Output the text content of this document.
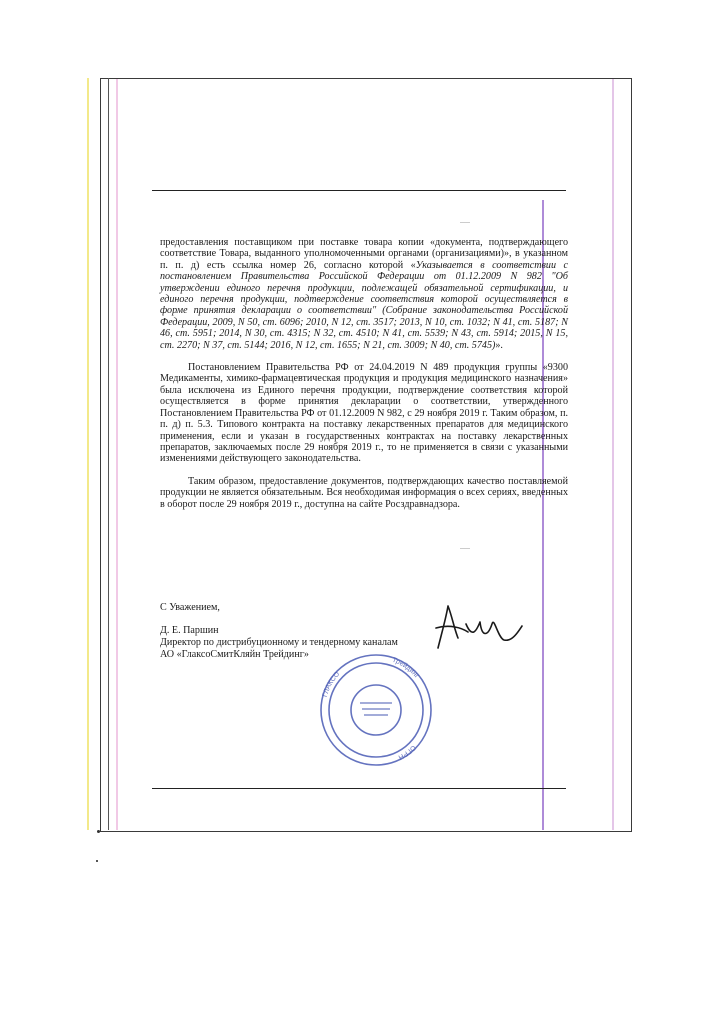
предоставления поставщиком при поставке товара копии «документа, подтверждающего соответствие Товара, выданного уполномоченными органами (организациями)», в указанном п. п. д) есть ссылка номер 26, согласно которой «Указывается в соответствии с постановлением Правительства Российской Федерации от 01.12.2009 N 982 "Об утверждении единого перечня продукции, подлежащей обязательной сертификации, и единого перечня продукции, подтверждение соответствия которой осуществляется в форме принятия декларации о соответствии" (Собрание законодательства Российской Федерации, 2009, N 50, ст. 6096; 2010, N 12, ст. 3517; 2013, N 10, ст. 1032; N 41, ст. 5187; N 46, ст. 5951; 2014, N 30, ст. 4315; N 32, ст. 4510; N 41, ст. 5539; N 43, ст. 5914; 2015, N 15, ст. 2270; N 37, ст. 5144; 2016, N 12, ст. 1655; N 21, ст. 3009; N 40, ст. 5745)».

Постановлением Правительства РФ от 24.04.2019 N 489 продукция группы «9300 Медикаменты, химико-фармацевтическая продукция и продукция медицинского назначения» была исключена из Единого перечня продукции, подтверждение соответствия которой осуществляется в форме принятия декларации о соответствии, утвержденного Постановлением Правительства РФ от 01.12.2009 N 982, с 29 ноября 2019 г. Таким образом, п. п. д) п. 5.3. Типового контракта на поставку лекарственных препаратов для медицинского применения, если и указан в государственных контрактах на поставку лекарственных препаратов, заключаемых после 29 ноября 2019 г., то не применяется в связи с указанными изменениями действующего законодательства.

Таким образом, предоставление документов, подтверждающих качество поставляемой продукции не является обязательным. Вся необходимая информация о всех сериях, введенных в оборот после 29 ноября 2019 г., доступна на сайте Росздравнадзора.

С Уважением,
Д. Е. Паршин
Директор по дистрибуционному и тендерному каналам
АО «ГлаксоСмитКляйн Трейдинг»
ГЛАКСО
Трейдинг
ОГРН
